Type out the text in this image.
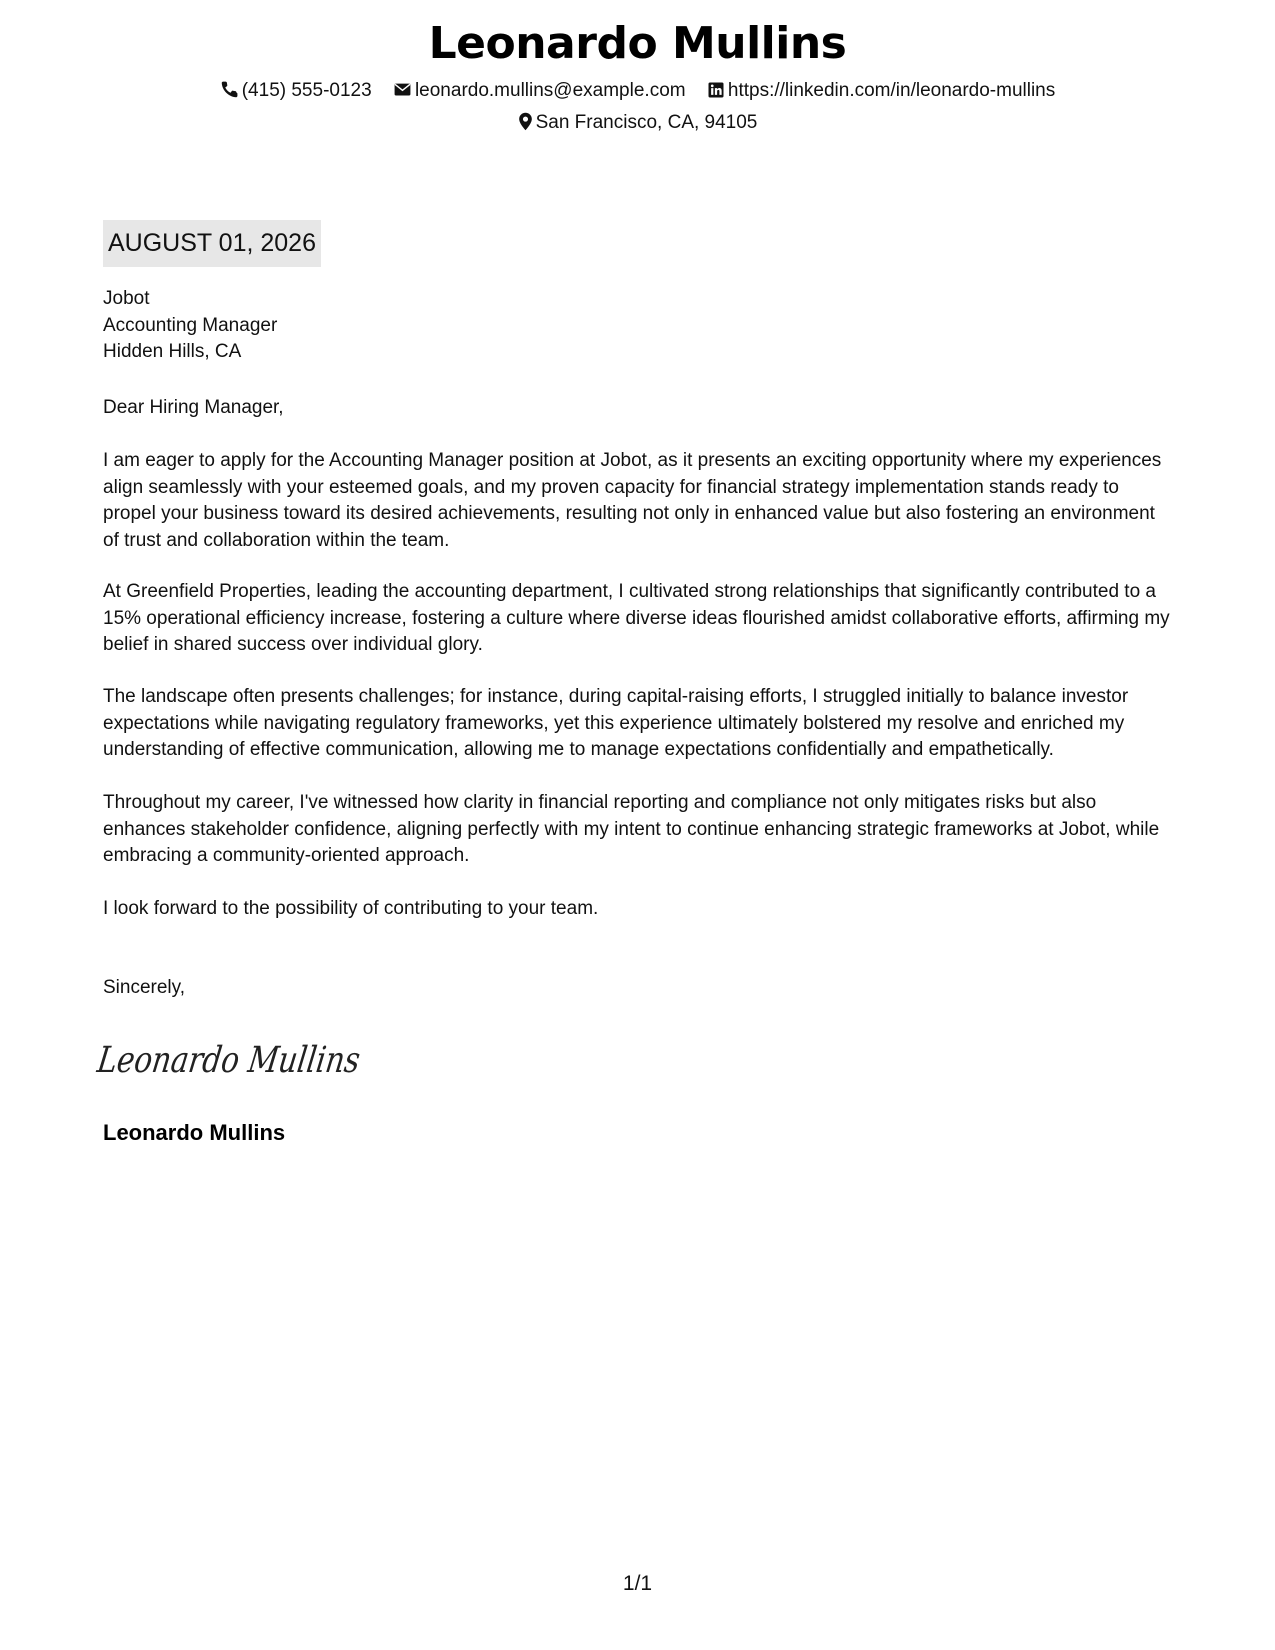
Leonardo Mullins
(415) 555-0123 leonardo.mullins@example.com https://linkedin.com/in/leonardo-mullins
San Francisco, CA, 94105
AUGUST 01, 2026
Jobot
Accounting Manager
Hidden Hills, CA
Dear Hiring Manager,

I am eager to apply for the Accounting Manager position at Jobot, as it presents an exciting opportunity where my experiences align seamlessly with your esteemed goals, and my proven capacity for financial strategy implementation stands ready to propel your business toward its desired achievements, resulting not only in enhanced value but also fostering an environment of trust and collaboration within the team.

At Greenfield Properties, leading the accounting department, I cultivated strong relationships that significantly contributed to a 15% operational efficiency increase, fostering a culture where diverse ideas flourished amidst collaborative efforts, affirming my belief in shared success over individual glory.

The landscape often presents challenges; for instance, during capital-raising efforts, I struggled initially to balance investor expectations while navigating regulatory frameworks, yet this experience ultimately bolstered my resolve and enriched my understanding of effective communication, allowing me to manage expectations confidentially and empathetically.

Throughout my career, I've witnessed how clarity in financial reporting and compliance not only mitigates risks but also enhances stakeholder confidence, aligning perfectly with my intent to continue enhancing strategic frameworks at Jobot, while embracing a community-oriented approach.

I look forward to the possibility of contributing to your team.

Sincerely,
Leonardo Mullins
Leonardo Mullins
1/1
